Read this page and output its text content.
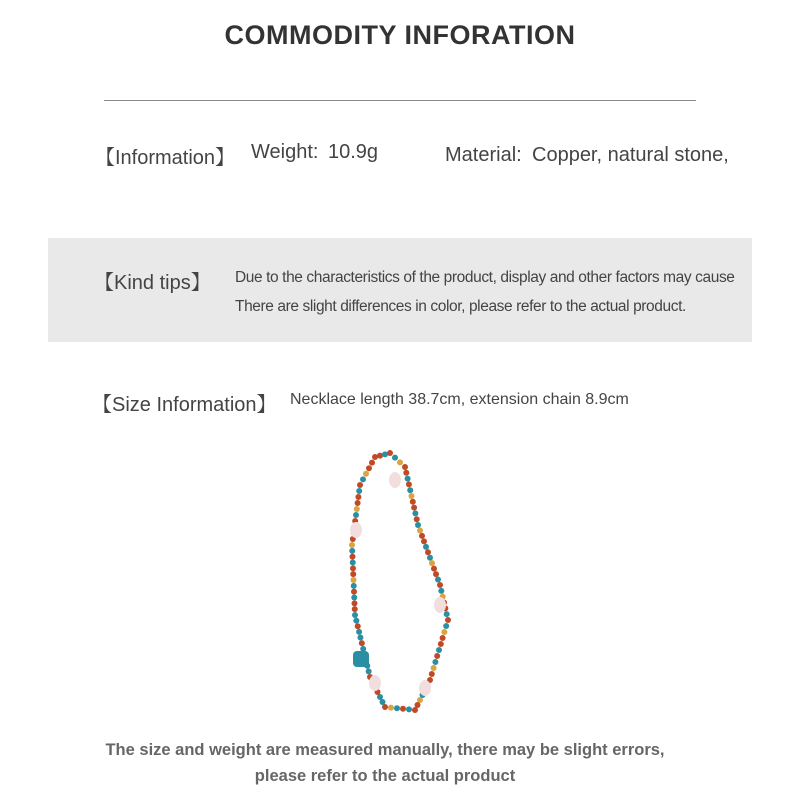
COMMODITY INFORATION
【Information】 Weight: 10.9g	Material: Copper, natural stone,
【Kind tips】 Due to the characteristics of the product, display and other factors may cause
There are slight differences in color, please refer to the actual product.
【Size Information】 Necklace length 38.7cm, extension chain 8.9cm
The size and weight are measured manually, there may be slight errors,
please refer to the actual product
